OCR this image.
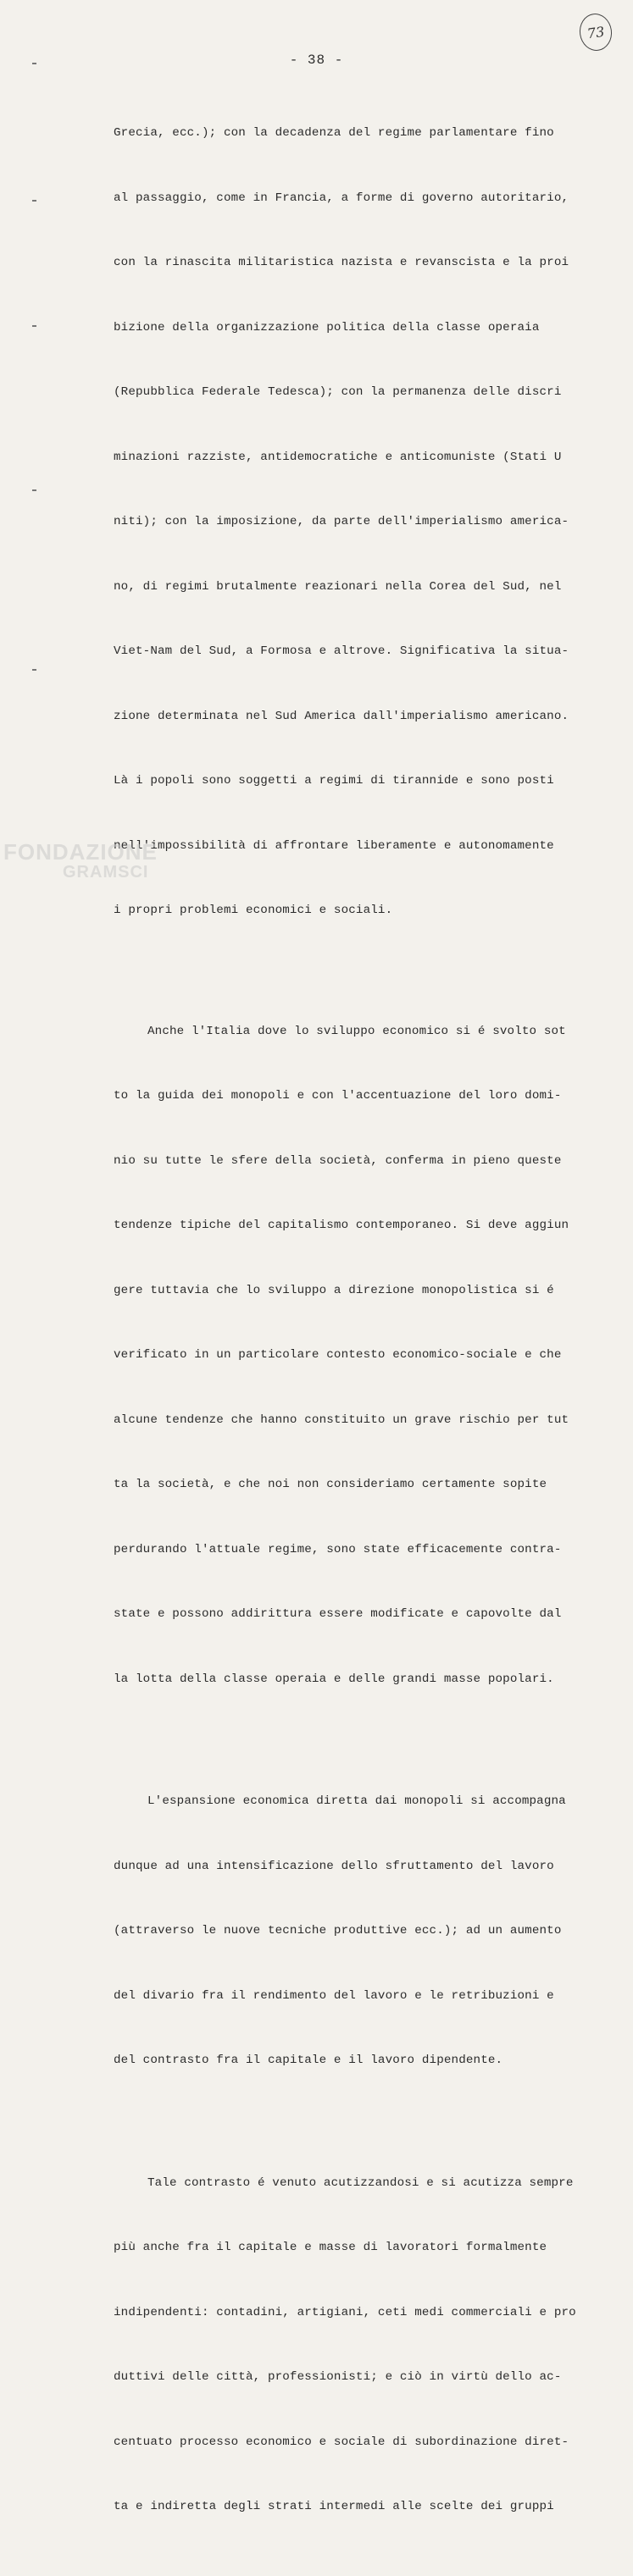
73
- 38 -

Grecia, ecc.); con la decadenza del regime parlamentare fino

al passaggio, come in Francia, a forme di governo autoritario,

con la rinascita militaristica nazista e revanscista e la proi

bizione della organizzazione politica della classe operaia

(Repubblica Federale Tedesca); con la permanenza delle discri

minazioni razziste, antidemocratiche e anticomuniste (Stati U

niti); con la imposizione, da parte dell'imperialismo america-

no, di regimi brutalmente reazionari nella Corea del Sud, nel

Viet-Nam del Sud, a Formosa e altrove. Significativa la situa-

zione determinata nel Sud America dall'imperialismo americano.

Là i popoli sono soggetti a regimi di tirannide e sono posti

nell'impossibilità di affrontare liberamente e autonomamente

i propri problemi economici e sociali.

Anche l'Italia dove lo sviluppo economico si é svolto sot

to la guida dei monopoli e con l'accentuazione del loro domi-

nio su tutte le sfere della società, conferma in pieno queste

tendenze tipiche del capitalismo contemporaneo. Si deve aggiun

gere tuttavia che lo sviluppo a direzione monopolistica si é

verificato in un particolare contesto economico-sociale e che

alcune tendenze che hanno constituito un grave rischio per tut

ta la società, e che noi non consideriamo certamente sopite

perdurando l'attuale regime, sono state efficacemente contra-

state e possono addirittura essere modificate e capovolte dal

la lotta della classe operaia e delle grandi masse popolari.

L'espansione economica diretta dai monopoli si accompagna

dunque ad una intensificazione dello sfruttamento del lavoro

(attraverso le nuove tecniche produttive ecc.); ad un aumento

del divario fra il rendimento del lavoro e le retribuzioni e

del contrasto fra il capitale e il lavoro dipendente.

Tale contrasto é venuto acutizzandosi e si acutizza sempre

più anche fra il capitale e masse di lavoratori formalmente

indipendenti: contadini, artigiani, ceti medi commerciali e pro

duttivi delle città, professionisti; e ciò in virtù dello ac-

centuato processo economico e sociale di subordinazione diret-

ta e indiretta degli strati intermedi alle scelte dei gruppi

FONDAZIONE
GRAMSCI
